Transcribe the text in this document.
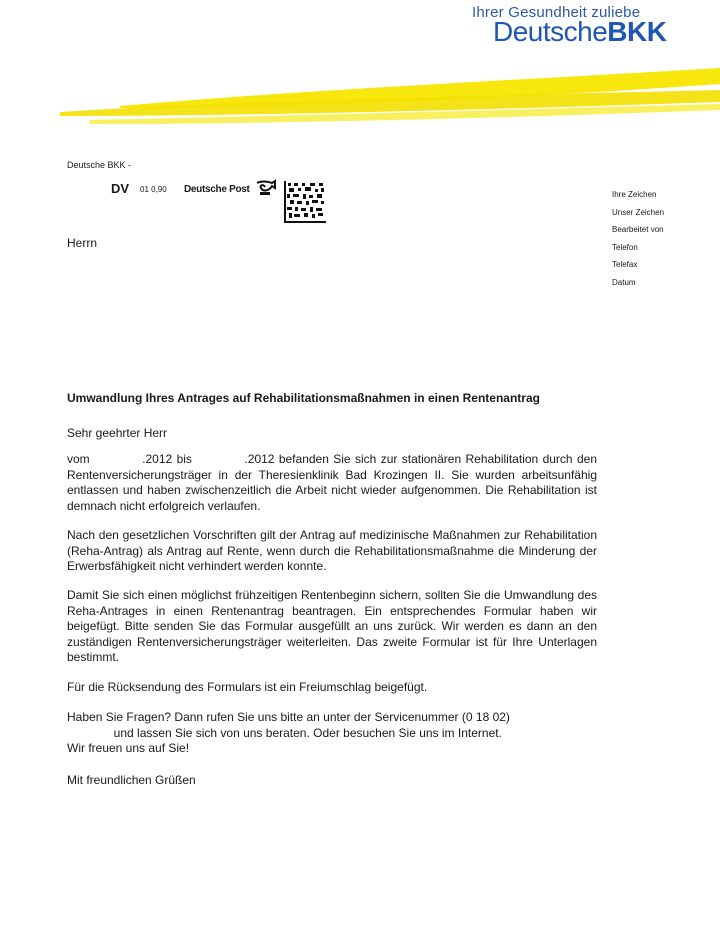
Ihrer Gesundheit zuliebe
DeutscheBKK
Deutsche BKK -
DV 01 0,90 Deutsche Post	Ihre Zeichen
Unser Zeichen
Bearbeitet von
Telefon
Telefax
Datum
Herrn
Umwandlung Ihres Antrages auf Rehabilitationsmaßnahmen in einen Rentenantrag
Sehr geehrter Herr

vom            .2012 bis            .2012 befanden Sie sich zur stationären Rehabilitation durch den Rentenversicherungsträger in der Theresienklinik Bad Krozingen II. Sie wurden arbeitsunfähig entlassen und haben zwischenzeitlich die Arbeit nicht wieder aufgenommen. Die Rehabilitation ist demnach nicht erfolgreich verlaufen.

Nach den gesetzlichen Vorschriften gilt der Antrag auf medizinische Maßnahmen zur Rehabilitation (Reha-Antrag) als Antrag auf Rente, wenn durch die Rehabilitationsmaßnahme die Minderung der Erwerbsfähigkeit nicht verhindert werden konnte.

Damit Sie sich einen möglichst frühzeitigen Rentenbeginn sichern, sollten Sie die Umwandlung des Reha-Antrages in einen Rentenantrag beantragen. Ein entsprechendes Formular haben wir beigefügt. Bitte senden Sie das Formular ausgefüllt an uns zurück. Wir werden es dann an den zuständigen Rentenversicherungsträger weiterleiten. Das zweite Formular ist für Ihre Unterlagen bestimmt.

Für die Rücksendung des Formulars ist ein Freiumschlag beigefügt.

Haben Sie Fragen? Dann rufen Sie uns bitte an unter der Servicenummer (0 18 02)

und lassen Sie sich von uns beraten. Oder besuchen Sie uns im Internet.

Wir freuen uns auf Sie!

Mit freundlichen Grüßen
